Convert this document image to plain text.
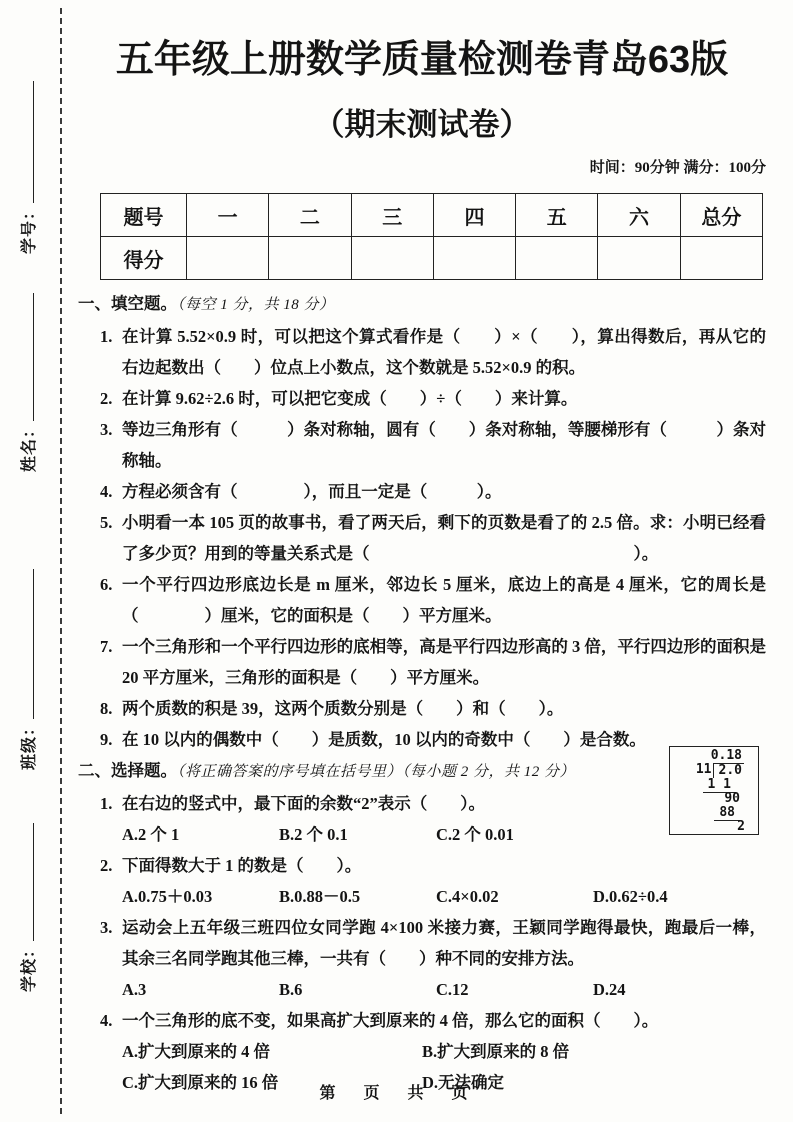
学号：
姓名：
班级：
学校：
五年级上册数学质量检测卷青岛63版
（期末测试卷）
时间：90分钟 满分：100分
题号	一	二	三	四	五	六	总分
得分							
一、填空题。（每空 1 分，共 18 分）
1. 在计算 5.52×0.9 时，可以把这个算式看作是（　　）×（　　），算出得数后，再从它的右边起数出（　　）位点上小数点，这个数就是 5.52×0.9 的积。
2. 在计算 9.62÷2.6 时，可以把它变成（　　）÷（　　）来计算。
3. 等边三角形有（　　　）条对称轴，圆有（　　）条对称轴，等腰梯形有（　　　）条对称轴。
4. 方程必须含有（　　　　），而且一定是（　　　）。
5. 小明看一本 105 页的故事书，看了两天后，剩下的页数是看了的 2.5 倍。求：小明已经看了多少页？用到的等量关系式是（　　　　　　　　　　　　　　　　）。
6. 一个平行四边形底边长是 m 厘米，邻边长 5 厘米，底边上的高是 4 厘米，它的周长是（　　　　）厘米，它的面积是（　　）平方厘米。
7. 一个三角形和一个平行四边形的底相等，高是平行四边形高的 3 倍，平行四边形的面积是 20 平方厘米，三角形的面积是（　　）平方厘米。
8. 两个质数的积是 39，这两个质数分别是（　　）和（　　）。
9. 在 10 以内的偶数中（　　）是质数，10 以内的奇数中（　　）是合数。
二、选择题。（将正确答案的序号填在括号里）（每小题 2 分，共 12 分）
1. 在右边的竖式中，最下面的余数“2”表示（　　）。
A.2 个 1	B.2 个 0.1	C.2 个 0.01
2. 下面得数大于 1 的数是（　　）。
A.0.75＋0.03	B.0.88－0.5	C.4×0.02	D.0.62÷0.4
3. 运动会上五年级三班四位女同学跑 4×100 米接力赛，王颖同学跑得最快，跑最后一棒，其余三名同学跑其他三棒，一共有（　　）种不同的安排方法。
A.3	B.6	C.12	D.24
4. 一个三角形的底不变，如果高扩大到原来的 4 倍，那么它的面积（　　）。
A.扩大到原来的 4 倍	B.扩大到原来的 8 倍
C.扩大到原来的 16 倍	D.无法确定
0.18
11 2.0
1 1
90
88
2
第　页　共　页
